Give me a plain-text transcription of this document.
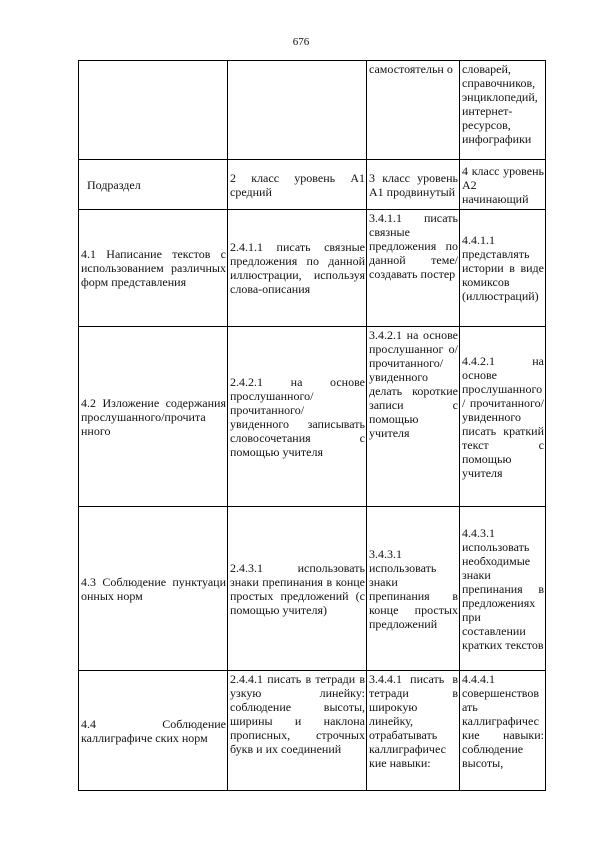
676
		самостоятельн о	словарей, справочников, энциклопедий, интернет-ресурсов, инфографики
Подраздел	2 класс уровень А1 средний	3 класс уровень А1 продвинутый	4 класс уровень А2 начинающий
4.1 Написание текстов с использованием различных форм представления	2.4.1.1 писать связные предложения по данной иллюстрации, используя слова-описания	3.4.1.1 писать связные предложения по данной теме/ создавать постер	4.4.1.1 представлять истории в виде комиксов (иллюстраций)
4.2 Изложение содержания прослушанного/прочита нного	2.4.2.1 на основе прослушанного/ прочитанного/ увиденного записывать словосочетания с помощью учителя	3.4.2.1 на основе прослушанног о/ прочитанного/ увиденного делать короткие записи с помощью учителя	4.4.2.1 на основе прослушанного / прочитанного/ увиденного писать краткий текст с помощью учителя
4.3 Соблюдение пунктуаци онных норм	2.4.3.1 использовать знаки препинания в конце простых предложений (с помощью учителя)	3.4.3.1 использовать знаки препинания в конце простых предложений	4.4.3.1 использовать необходимые знаки препинания в предложениях при составлении кратких текстов
4.4 Соблюдение каллиграфиче ских норм	2.4.4.1 писать в тетради в узкую линейку: соблюдение высоты, ширины и наклона прописных, строчных букв и их соединений	3.4.4.1 писать в тетради в широкую линейку, отрабатывать каллиграфичес кие навыки:	4.4.4.1 совершенствов ать каллиграфичес кие навыки: соблюдение высоты,
